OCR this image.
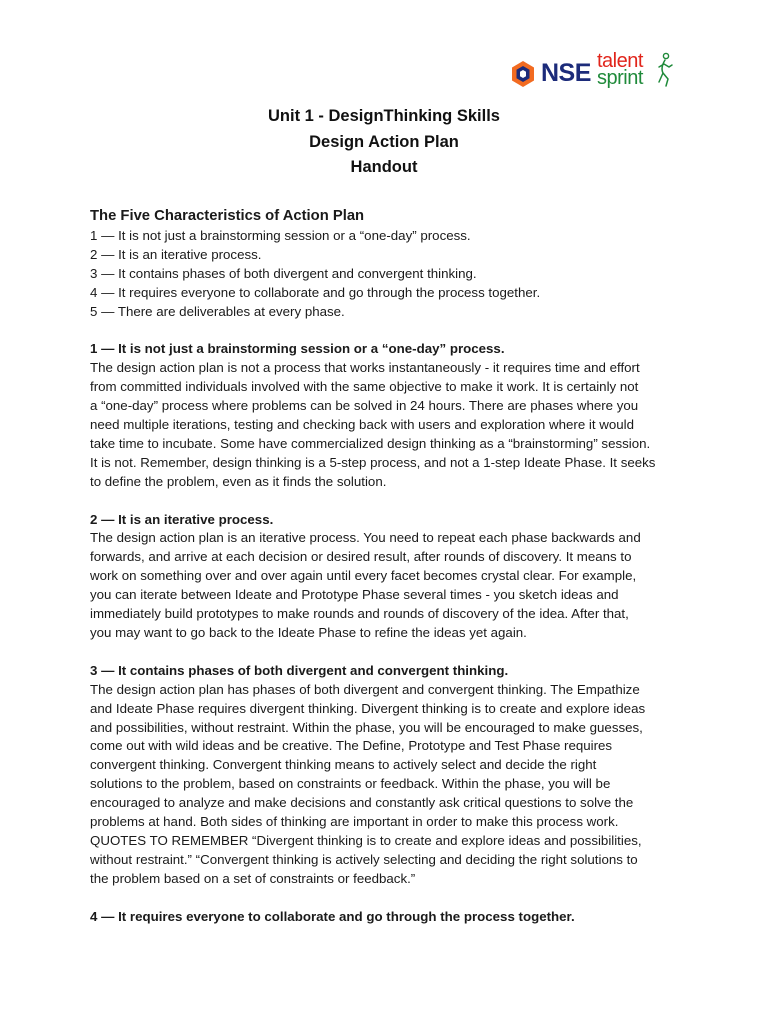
NSE talent
sprint
Unit 1 - DesignThinking Skills
Design Action Plan
Handout

The Five Characteristics of Action Plan

1 — It is not just a brainstorming session or a “one-day” process.

2 — It is an iterative process.

3 — It contains phases of both divergent and convergent thinking.

4 — It requires everyone to collaborate and go through the process together.

5 — There are deliverables at every phase.

1 — It is not just a brainstorming session or a “one-day” process.

The design action plan is not a process that works instantaneously - it requires time and effort

from committed individuals involved with the same objective to make it work. It is certainly not

a “one-day” process where problems can be solved in 24 hours. There are phases where you

need multiple iterations, testing and checking back with users and exploration where it would

take time to incubate. Some have commercialized design thinking as a “brainstorming” session.

It is not. Remember, design thinking is a 5-step process, and not a 1-step Ideate Phase. It seeks

to define the problem, even as it finds the solution.

2 — It is an iterative process.

The design action plan is an iterative process. You need to repeat each phase backwards and

forwards, and arrive at each decision or desired result, after rounds of discovery. It means to

work on something over and over again until every facet becomes crystal clear. For example,

you can iterate between Ideate and Prototype Phase several times - you sketch ideas and

immediately build prototypes to make rounds and rounds of discovery of the idea. After that,

you may want to go back to the Ideate Phase to refine the ideas yet again.

3 — It contains phases of both divergent and convergent thinking.

The design action plan has phases of both divergent and convergent thinking. The Empathize

and Ideate Phase requires divergent thinking. Divergent thinking is to create and explore ideas

and possibilities, without restraint. Within the phase, you will be encouraged to make guesses,

come out with wild ideas and be creative. The Define, Prototype and Test Phase requires

convergent thinking. Convergent thinking means to actively select and decide the right

solutions to the problem, based on constraints or feedback. Within the phase, you will be

encouraged to analyze and make decisions and constantly ask critical questions to solve the

problems at hand. Both sides of thinking are important in order to make this process work.

QUOTES TO REMEMBER “Divergent thinking is to create and explore ideas and possibilities,

without restraint.” “Convergent thinking is actively selecting and deciding the right solutions to

the problem based on a set of constraints or feedback.”

4 — It requires everyone to collaborate and go through the process together.
